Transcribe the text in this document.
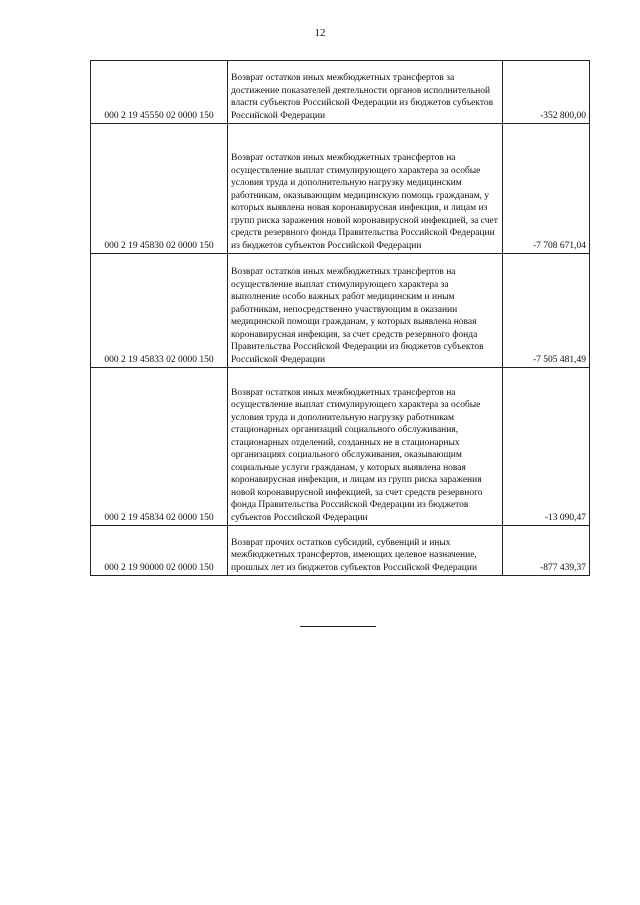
12
000 2 19 45550 02 0000 150	Возврат остатков иных межбюджетных трансфертов за достижение показателей деятельности органов исполнительной власти субъектов Российской Федерации из бюджетов субъектов Российской Федерации	-352 800,00
000 2 19 45830 02 0000 150	Возврат остатков иных межбюджетных трансфертов на осуществление выплат стимулирующего характера за особые условия труда и дополнительную нагрузку медицинским работникам, оказывающим медицинскую помощь гражданам, у которых выявлена новая коронавирусная инфекция, и лицам из групп риска заражения новой коронавирусной инфекцией, за счет средств резервного фонда Правительства Российской Федерации из бюджетов субъектов Российской Федерации	-7 708 671,04
000 2 19 45833 02 0000 150	Возврат остатков иных межбюджетных трансфертов на осуществление выплат стимулирующего характера за выполнение особо важных работ медицинским и иным работникам, непосредственно участвующим в оказании медицинской помощи гражданам, у которых выявлена новая коронавирусная инфекция, за счет средств резервного фонда Правительства Российской Федерации из бюджетов субъектов Российской Федерации	-7 505 481,49
000 2 19 45834 02 0000 150	Возврат остатков иных межбюджетных трансфертов на осуществление выплат стимулирующего характера за особые условия труда и дополнительную нагрузку работникам стационарных организаций социального обслуживания, стационарных отделений, созданных не в стационарных организациях социального обслуживания, оказывающим социальные услуги гражданам, у которых выявлена новая коронавирусная инфекция, и лицам из групп риска заражения новой коронавирусной инфекцией, за счет средств резервного фонда Правительства Российской Федерации из бюджетов субъектов Российской Федерации	-13 090,47
000 2 19 90000 02 0000 150	Возврат прочих остатков субсидий, субвенций и иных межбюджетных трансфертов, имеющих целевое назначение, прошлых лет из бюджетов субъектов Российской Федерации	-877 439,37
